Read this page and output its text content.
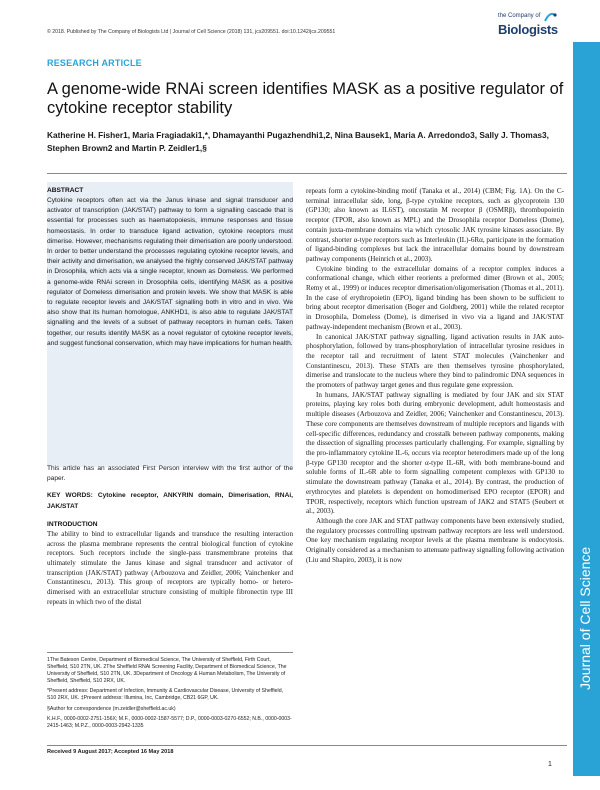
© 2018. Published by The Company of Biologists Ltd | Journal of Cell Science (2018) 131, jcs209551. doi:10.1242/jcs.209551
the Company of
Biologists
Journal of Cell Science
RESEARCH ARTICLE
A genome-wide RNAi screen identifies MASK as a positive regulator of cytokine receptor stability

Katherine H. Fisher1, Maria Fragiadaki1,*, Dhamayanthi Pugazhendhi1,2, Nina Bausek1, Maria A. Arredondo3, Sally J. Thomas3, Stephen Brown2 and Martin P. Zeidler1,§

ABSTRACT

Cytokine receptors often act via the Janus kinase and signal transducer and activator of transcription (JAK/STAT) pathway to form a signalling cascade that is essential for processes such as haematopoiesis, immune responses and tissue homeostasis. In order to transduce ligand activation, cytokine receptors must dimerise. However, mechanisms regulating their dimerisation are poorly understood. In order to better understand the processes regulating cytokine receptor levels, and their activity and dimerisation, we analysed the highly conserved JAK/STAT pathway in Drosophila, which acts via a single receptor, known as Domeless. We performed a genome-wide RNAi screen in Drosophila cells, identifying MASK as a positive regulator of Domeless dimerisation and protein levels. We show that MASK is able to regulate receptor levels and JAK/STAT signalling both in vitro and in vivo. We also show that its human homologue, ANKHD1, is also able to regulate JAK/STAT signalling and the levels of a subset of pathway receptors in human cells. Taken together, our results identify MASK as a novel regulator of cytokine receptor levels, and suggest functional conservation, which may have implications for human health.

This article has an associated First Person interview with the first author of the paper.

KEY WORDS: Cytokine receptor, ANKYRIN domain, Dimerisation, RNAi, JAK/STAT

INTRODUCTION

The ability to bind to extracellular ligands and transduce the resulting interaction across the plasma membrane represents the central biological function of cytokine receptors. Such receptors include the single-pass transmembrane proteins that ultimately stimulate the Janus kinase and signal transducer and activator of transcription (JAK/STAT) pathway (Arbouzova and Zeidler, 2006; Vainchenker and Constantinescu, 2013). This group of receptors are typically homo- or hetero-dimerised with an extracellular structure consisting of multiple fibronectin type III repeats in which two of the distal

1The Bateson Centre, Department of Biomedical Science, The University of Sheffield, Firth Court, Sheffield, S10 2TN, UK. 2The Sheffield RNAi Screening Facility, Department of Biomedical Science, The University of Sheffield, S10 2TN, UK. 3Department of Oncology & Human Metabolism, The University of Sheffield, Sheffield, S10 2RX, UK.

*Present address: Department of Infection, Immunity & Cardiovascular Disease, University of Sheffield, S10 2RX, UK. ‡Present address: Illumina, Inc, Cambridge, CB21 6GP, UK.

§Author for correspondence (m.zeidler@sheffield.ac.uk)

K.H.F., 0000-0002-2751-156X; M.F., 0000-0002-1587-5577; D.P., 0000-0003-0270-6552; N.B., 0000-0003-2415-1463; M.P.Z., 0000-0003-2942-1335

Received 9 August 2017; Accepted 16 May 2018

repeats form a cytokine-binding motif (Tanaka et al., 2014) (CBM; Fig. 1A). On the C-terminal intracellular side, long, β-type cytokine receptors, such as glycoprotein 130 (GP130; also known as IL6ST), oncostatin M receptor β (OSMRβ), thrombopoietin receptor (TPOR, also known as MPL) and the Drosophila receptor Domeless (Dome), contain juxta-membrane domains via which cytosolic JAK tyrosine kinases associate. By contrast, shorter α-type receptors such as Interleukin (IL)-6Rα, participate in the formation of ligand-binding complexes but lack the intracellular domains bound by downstream pathway components (Heinrich et al., 2003).

Cytokine binding to the extracellular domains of a receptor complex induces a conformational change, which either reorients a preformed dimer (Brown et al., 2005; Remy et al., 1999) or induces receptor dimerisation/oligomerisation (Thomas et al., 2011). In the case of erythropoietin (EPO), ligand binding has been shown to be sufficient to bring about receptor dimerisation (Boger and Goldberg, 2001) while the related receptor in Drosophila, Domeless (Dome), is dimerised in vivo via a ligand and JAK/STAT pathway-independent mechanism (Brown et al., 2003).

In canonical JAK/STAT pathway signalling, ligand activation results in JAK auto-phosphorylation, followed by trans-phosphorylation of intracellular tyrosine residues in the receptor tail and recruitment of latent STAT molecules (Vainchenker and Constantinescu, 2013). These STATs are then themselves tyrosine phosphorylated, dimerise and translocate to the nucleus where they bind to palindromic DNA sequences in the promoters of pathway target genes and thus regulate gene expression.

In humans, JAK/STAT pathway signalling is mediated by four JAK and six STAT proteins, playing key roles both during embryonic development, adult homeostasis and multiple diseases (Arbouzova and Zeidler, 2006; Vainchenker and Constantinescu, 2013). These core components are themselves downstream of multiple receptors and ligands with cell-specific differences, redundancy and crosstalk between pathway components, making the dissection of signalling processes particularly challenging. For example, signalling by the pro-inflammatory cytokine IL-6, occurs via receptor heterodimers made up of the long β-type GP130 receptor and the shorter α-type IL-6R, with both membrane-bound and soluble forms of IL-6R able to form signalling competent complexes with GP130 to stimulate the downstream pathway (Tanaka et al., 2014). By contrast, the production of erythrocytes and platelets is dependent on homodimerised EPO receptor (EPOR) and TPOR, respectively, receptors which function upstream of JAK2 and STAT5 (Seubert et al., 2003).

Although the core JAK and STAT pathway components have been extensively studied, the regulatory processes controlling upstream pathway receptors are less well understood. One key mechanism regulating receptor levels at the plasma membrane is endocytosis. Originally considered as a mechanism to attenuate pathway signalling following activation (Liu and Shapiro, 2003), it is now

1
